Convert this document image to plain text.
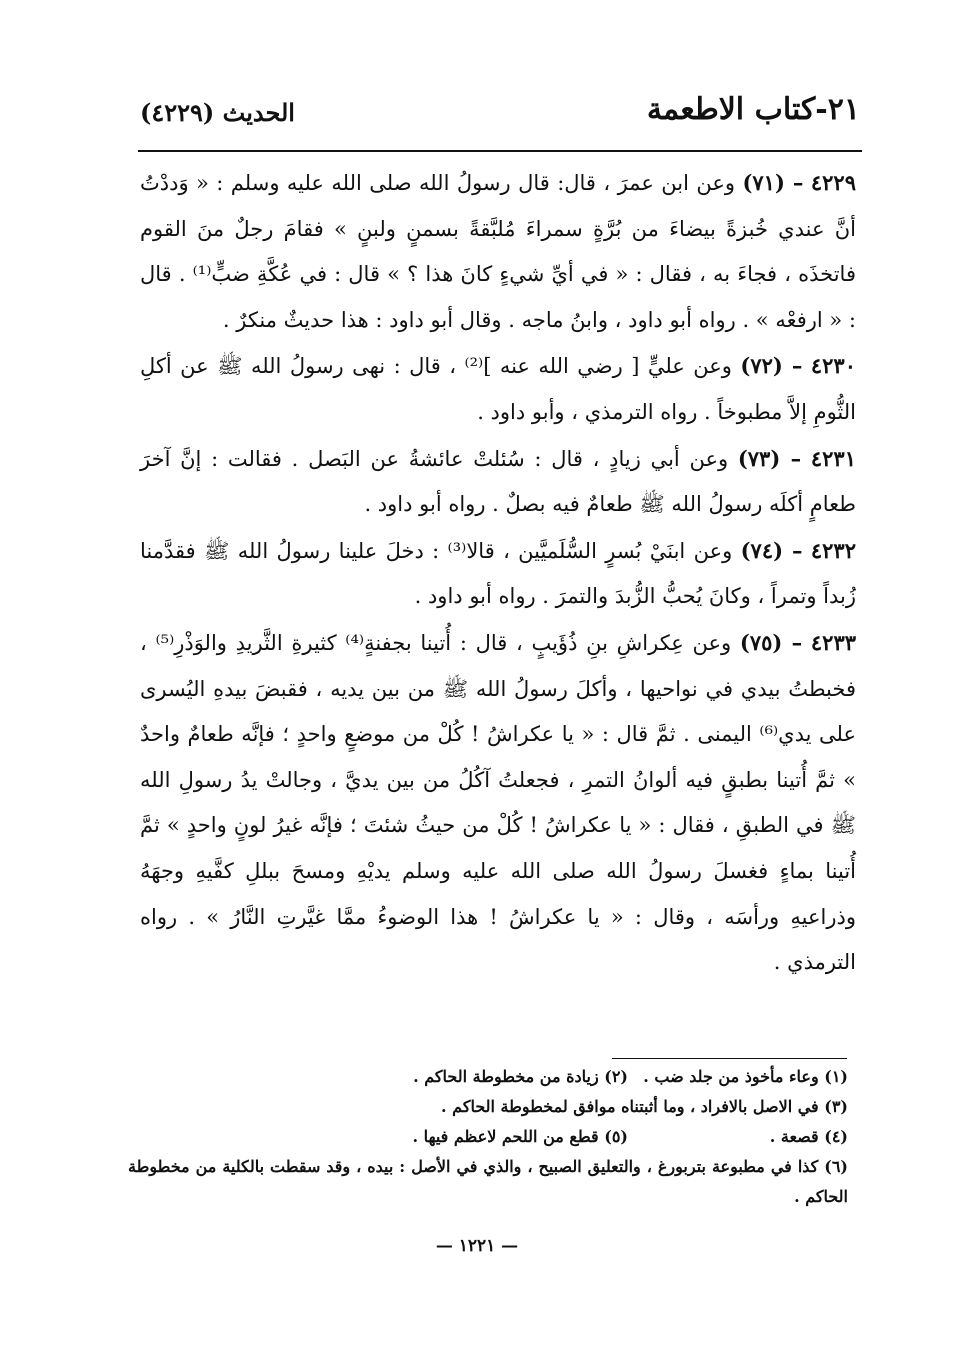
٢١-كتاب الاطعمة
الحديث (٤٢٢٩)

٤٢٢٩ – (٧١) وعن ابن عمرَ ، قال: قال رسولُ الله صلى الله عليه وسلم : « وَددْتُ أنَّ عندي خُبزةً بيضاءَ من بُرَّةٍ سمراءَ مُلبَّقةً بسمنٍ ولبنٍ » فقامَ رجلٌ منَ القوم فاتخذَه ، فجاءَ به ، فقال : « في أيِّ شيءٍ كانَ هذا ؟ » قال : في عُكَّةِ ضبٍّ⁽¹⁾ . قال : « ارفعْه » . رواه أبو داود ، وابنُ ماجه . وقال أبو داود : هذا حديثٌ منكرٌ .

٤٢٣٠ – (٧٢) وعن عليٍّ [ رضي الله عنه ]⁽²⁾ ، قال : نهى رسولُ الله ﷺ عن أكلِ الثُّومِ إلاَّ مطبوخاً . رواه الترمذي ، وأبو داود .

٤٢٣١ – (٧٣) وعن أبي زيادٍ ، قال : سُئلتْ عائشةُ عن البَصل . فقالت : إنَّ آخرَ طعامٍ أكلَه رسولُ الله ﷺ طعامٌ فيه بصلٌ . رواه أبو داود .

٤٢٣٢ – (٧٤) وعن ابنَيْ بُسرٍ السُّلَميَّين ، قالا⁽³⁾ : دخلَ علينا رسولُ الله ﷺ فقدَّمنا زُبداً وتمراً ، وكانَ يُحبُّ الزُّبدَ والتمرَ . رواه أبو داود .

٤٢٣٣ – (٧٥) وعن عِكراشِ بنِ ذُؤَيبٍ ، قال : أُتينا بجفنةٍ⁽⁴⁾ كثيرةِ الثَّريدِ والوَذْرِ⁽⁵⁾ ، فخبطتُ بيدي في نواحيها ، وأكلَ رسولُ الله ﷺ من بين يديه ، فقبضَ بيدهِ اليُسرى على يدي⁽⁶⁾ اليمنى . ثمَّ قال : « يا عكراشُ ! كُلْ من موضعٍ واحدٍ ؛ فإنَّه طعامٌ واحدٌ » ثمَّ أُتينا بطبقٍ فيه ألوانُ التمرِ ، فجعلتُ آكُلُ من بين يديَّ ، وجالتْ يدُ رسولِ الله ﷺ في الطبقِ ، فقال : « يا عكراشُ ! كُلْ من حيثُ شئتَ ؛ فإنَّه غيرُ لونٍ واحدٍ » ثمَّ أُتينا بماءٍ فغسلَ رسولُ الله صلى الله عليه وسلم يديْهِ ومسحَ ببللِ كفَّيهِ وجهَهُ وذراعيهِ ورأسَه ، وقال : « يا عكراشُ ! هذا الوضوءُ ممَّا غيَّرتِ النَّارُ » . رواه الترمذي .

(١) وعاء مأخوذ من جلد ضب .
(٢) زيادة من مخطوطة الحاكم .
(٣) في الاصل بالافراد ، وما أثبتناه موافق لمخطوطة الحاكم .
(٤) قصعة .
(٥) قطع من اللحم لاعظم فيها .
(٦) كذا في مطبوعة بتربورغ ، والتعليق الصبيح ، والذي في الأصل : بيده ، وقد سقطت بالكلية من مخطوطة الحاكم .
— ١٢٢١ —
